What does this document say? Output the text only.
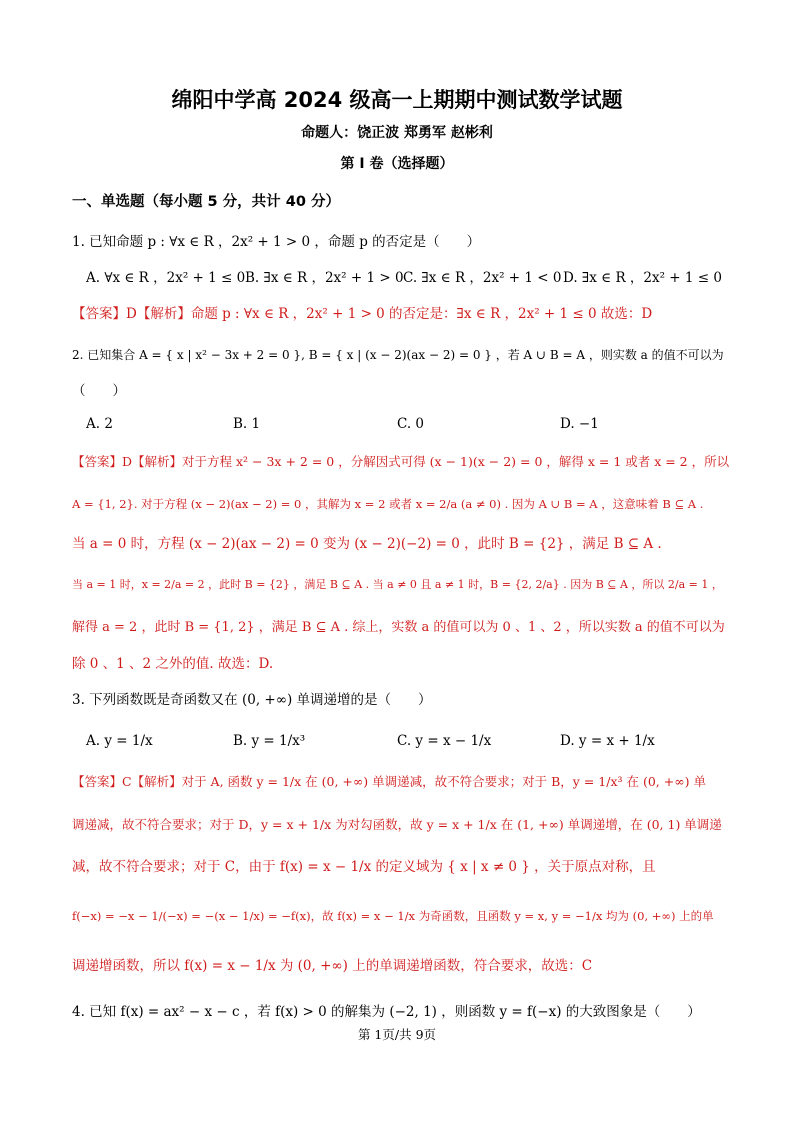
绵阳中学高 2024 级高一上期期中测试数学试题
命题人：饶正波 郑勇军 赵彬利
第 I 卷（选择题）
一、单选题（每小题 5 分，共计 40 分）
1. 已知命题 p : ∀x ∈ R ，2x² + 1 > 0 ，命题 p 的否定是（　　）
A. ∀x ∈ R ，2x² + 1 ≤ 0 B. ∃x ∈ R ，2x² + 1 > 0 C. ∃x ∈ R ，2x² + 1 < 0 D. ∃x ∈ R ，2x² + 1 ≤ 0
【答案】D【解析】命题 p : ∀x ∈ R ，2x² + 1 > 0 的否定是：∃x ∈ R ，2x² + 1 ≤ 0 故选：D
2. 已知集合 A = { x | x² − 3x + 2 = 0 }, B = { x | (x − 2)(ax − 2) = 0 } ，若 A ∪ B = A ，则实数 a 的值不可以为
（　　）
A. 2	B. 1	C. 0	D. −1
【答案】D【解析】对于方程 x² − 3x + 2 = 0 ，分解因式可得 (x − 1)(x − 2) = 0 ，解得 x = 1 或者 x = 2 ，所以
A = {1, 2}. 对于方程 (x − 2)(ax − 2) = 0 ，其解为 x = 2 或者 x = 2/a (a ≠ 0) . 因为 A ∪ B = A ，这意味着 B ⊆ A .
当 a = 0 时，方程 (x − 2)(ax − 2) = 0 变为 (x − 2)(−2) = 0 ，此时 B = {2} ，满足 B ⊆ A .
当 a = 1 时，x = 2/a = 2 ，此时 B = {2} ，满足 B ⊆ A . 当 a ≠ 0 且 a ≠ 1 时，B = {2, 2/a} . 因为 B ⊆ A ，所以 2/a = 1 ，
解得 a = 2 ，此时 B = {1, 2} ，满足 B ⊆ A . 综上，实数 a 的值可以为 0 、1 、2 ，所以实数 a 的值不可以为
除 0 、1 、2 之外的值. 故选：D.
3. 下列函数既是奇函数又在 (0, +∞) 单调递增的是（　　）
A. y = 1/x	B. y = 1/x³	C. y = x − 1/x	D. y = x + 1/x
【答案】C【解析】对于 A, 函数 y = 1/x 在 (0, +∞) 单调递减，故不符合要求；对于 B，y = 1/x³ 在 (0, +∞) 单
调递减，故不符合要求；对于 D，y = x + 1/x 为对勾函数，故 y = x + 1/x 在 (1, +∞) 单调递增，在 (0, 1) 单调递
减，故不符合要求；对于 C，由于 f(x) = x − 1/x 的定义域为 { x | x ≠ 0 } ，关于原点对称，且
f(−x) = −x − 1/(−x) = −(x − 1/x) = −f(x)，故 f(x) = x − 1/x 为奇函数，且函数 y = x, y = −1/x 均为 (0, +∞) 上的单
调递增函数，所以 f(x) = x − 1/x 为 (0, +∞) 上的单调递增函数，符合要求，故选：C
4. 已知 f(x) = ax² − x − c ，若 f(x) > 0 的解集为 (−2, 1) ，则函数 y = f(−x) 的大致图象是（　　）
第 1页/共 9页
